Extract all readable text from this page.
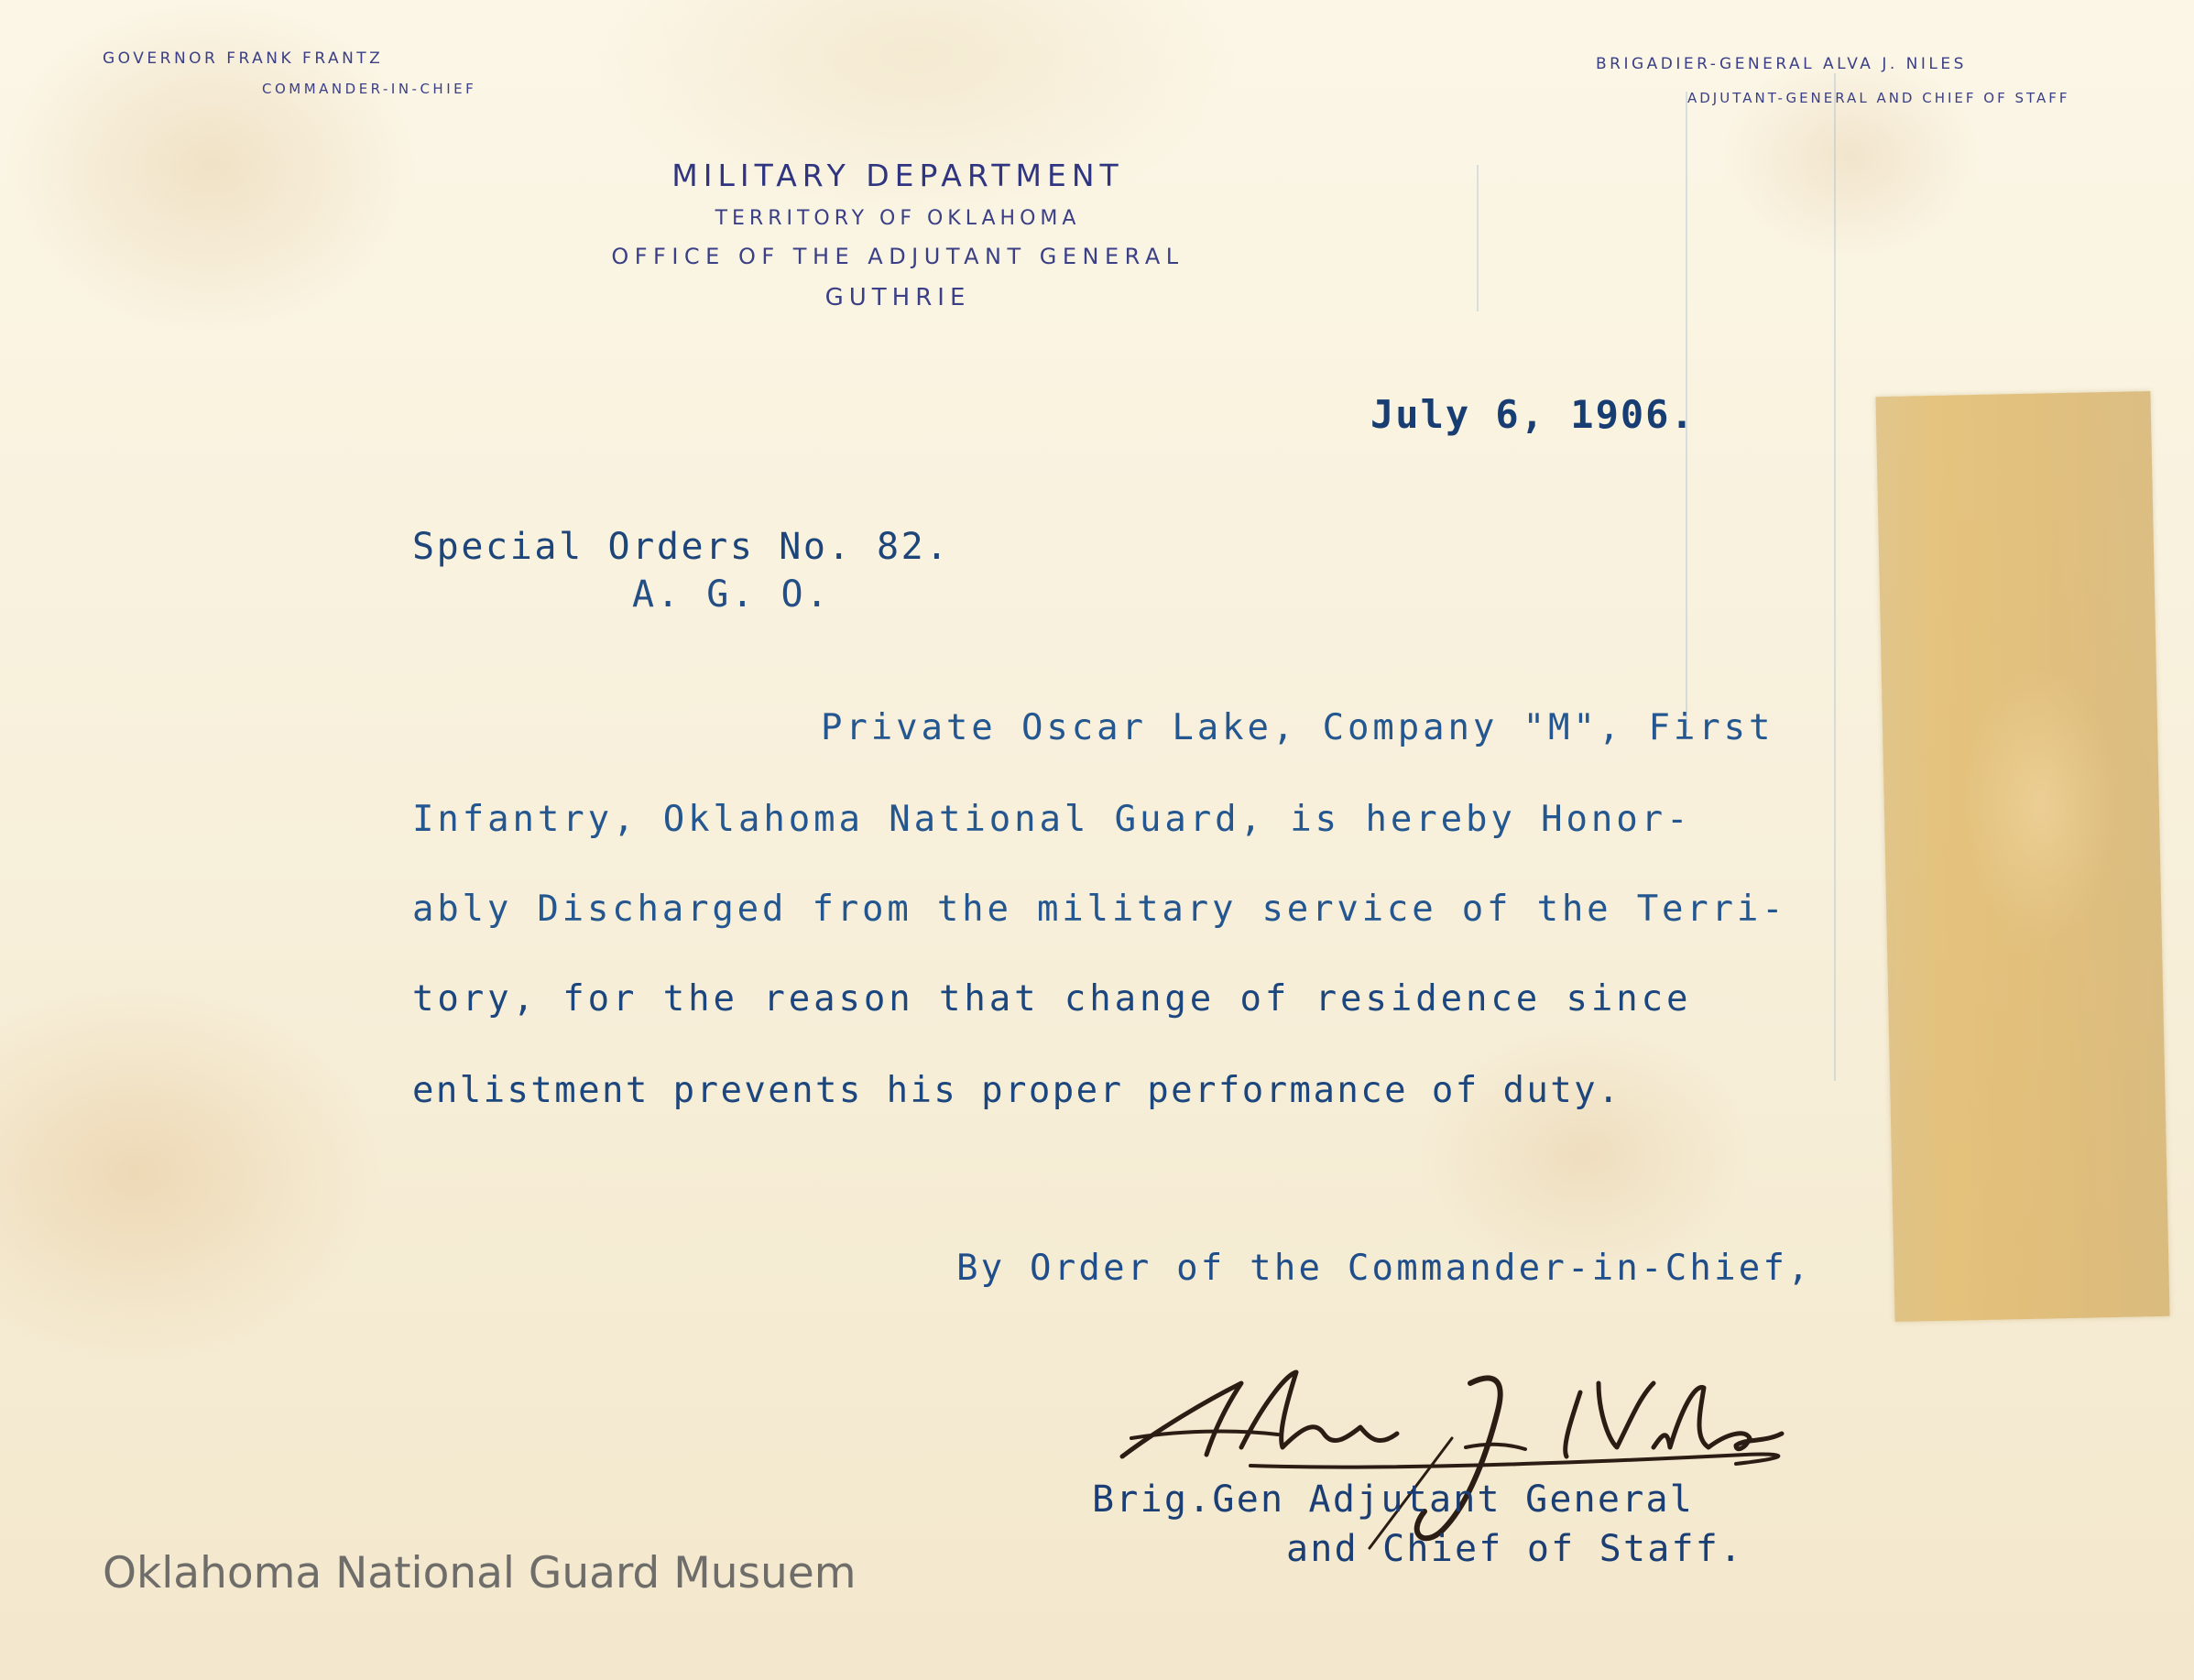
GOVERNOR FRANK FRANTZ
COMMANDER-IN-CHIEF
BRIGADIER-GENERAL ALVA J. NILES
ADJUTANT-GENERAL AND CHIEF OF STAFF
MILITARY DEPARTMENT
TERRITORY OF OKLAHOMA
OFFICE OF THE ADJUTANT GENERAL
GUTHRIE
July 6, 1906.
Special Orders No. 82.
A. G. O.
Private Oscar Lake, Company "M", First
Infantry, Oklahoma National Guard, is hereby Honor-
ably Discharged from the military service of the Terri-
tory, for the reason that change of residence since
enlistment prevents his proper performance of duty.
By Order of the Commander-in-Chief,
Brig.Gen Adjutant General
and Chief of Staff.
Oklahoma National Guard Musuem
